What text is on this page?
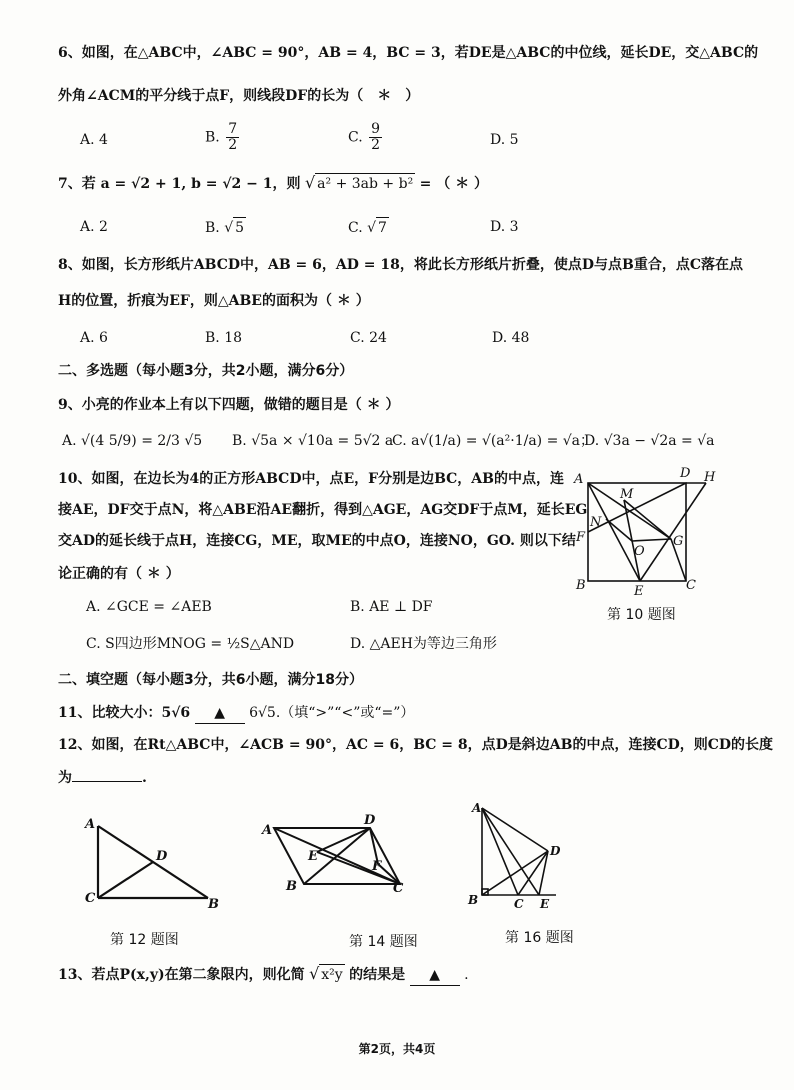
6、如图，在△ABC中，∠ABC = 90°，AB = 4，BC = 3，若DE是△ABC的中位线，延长DE，交△ABC的
外角∠ACM的平分线于点F，则线段DF的长为（　＊　）
A. 4	B. $\frac{7}{2}$	C. $\frac{9}{2}$	D. 5
7、若 a = √2 + 1, b = √2 − 1，则 √ a² + 3ab + b² = （ ＊ ）
A. 2	B. √ 5	C. √ 7	D. 3
8、如图，长方形纸片ABCD中，AB = 6，AD = 18，将此长方形纸片折叠，使点D与点B重合，点C落在点
H的位置，折痕为EF，则△ABE的面积为（ ＊ ）
A. 6	B. 18	C. 24	D. 48
二、多选题（每小题3分，共2小题，满分6分）
9、小亮的作业本上有以下四题，做错的题目是（ ＊ ）
A. √(4 5/9) = 2/3 √5 B. √5a × √10a = 5√2 a
C. a√(1/a) = √(a²·1/a) = √a；
D. √3a − √2a = √a
10、如图，在边长为4的正方形ABCD中，点E，F分别是边BC，AB的中点，连
接AE，DF交于点N，将△ABE沿AE翻折，得到△AGE，AG交DF于点M，延长EG
交AD的延长线于点H，连接CG，ME，取ME的中点O，连接NO，GO. 则以下结
论正确的有（ ＊ ）
A. ∠GCE = ∠AEB	B. AE ⊥ DF
C. S四边形MNOG = ½S△AND	D. △AEH为等边三角形
A	D H
M
N
F	G
O
B	E	C
第 10 题图
二、填空题（每小题3分，共6小题，满分18分）
11、比较大小：5√6 ▲ 6√5.（填“>”“<”或“=”）
12、如图，在Rt△ABC中，∠ACB = 90°，AC = 6，BC = 8，点D是斜边AB的中点，连接CD，则CD的长度
为	.
A
D
C	B
第 12 题图
A
D
E
F
B	C
第 14 题图
A
D
B	C E
第 16 题图
13、若点P(x,y)在第二象限内，则化简 √ x²y 的结果是 ▲ .
第2页，共4页
